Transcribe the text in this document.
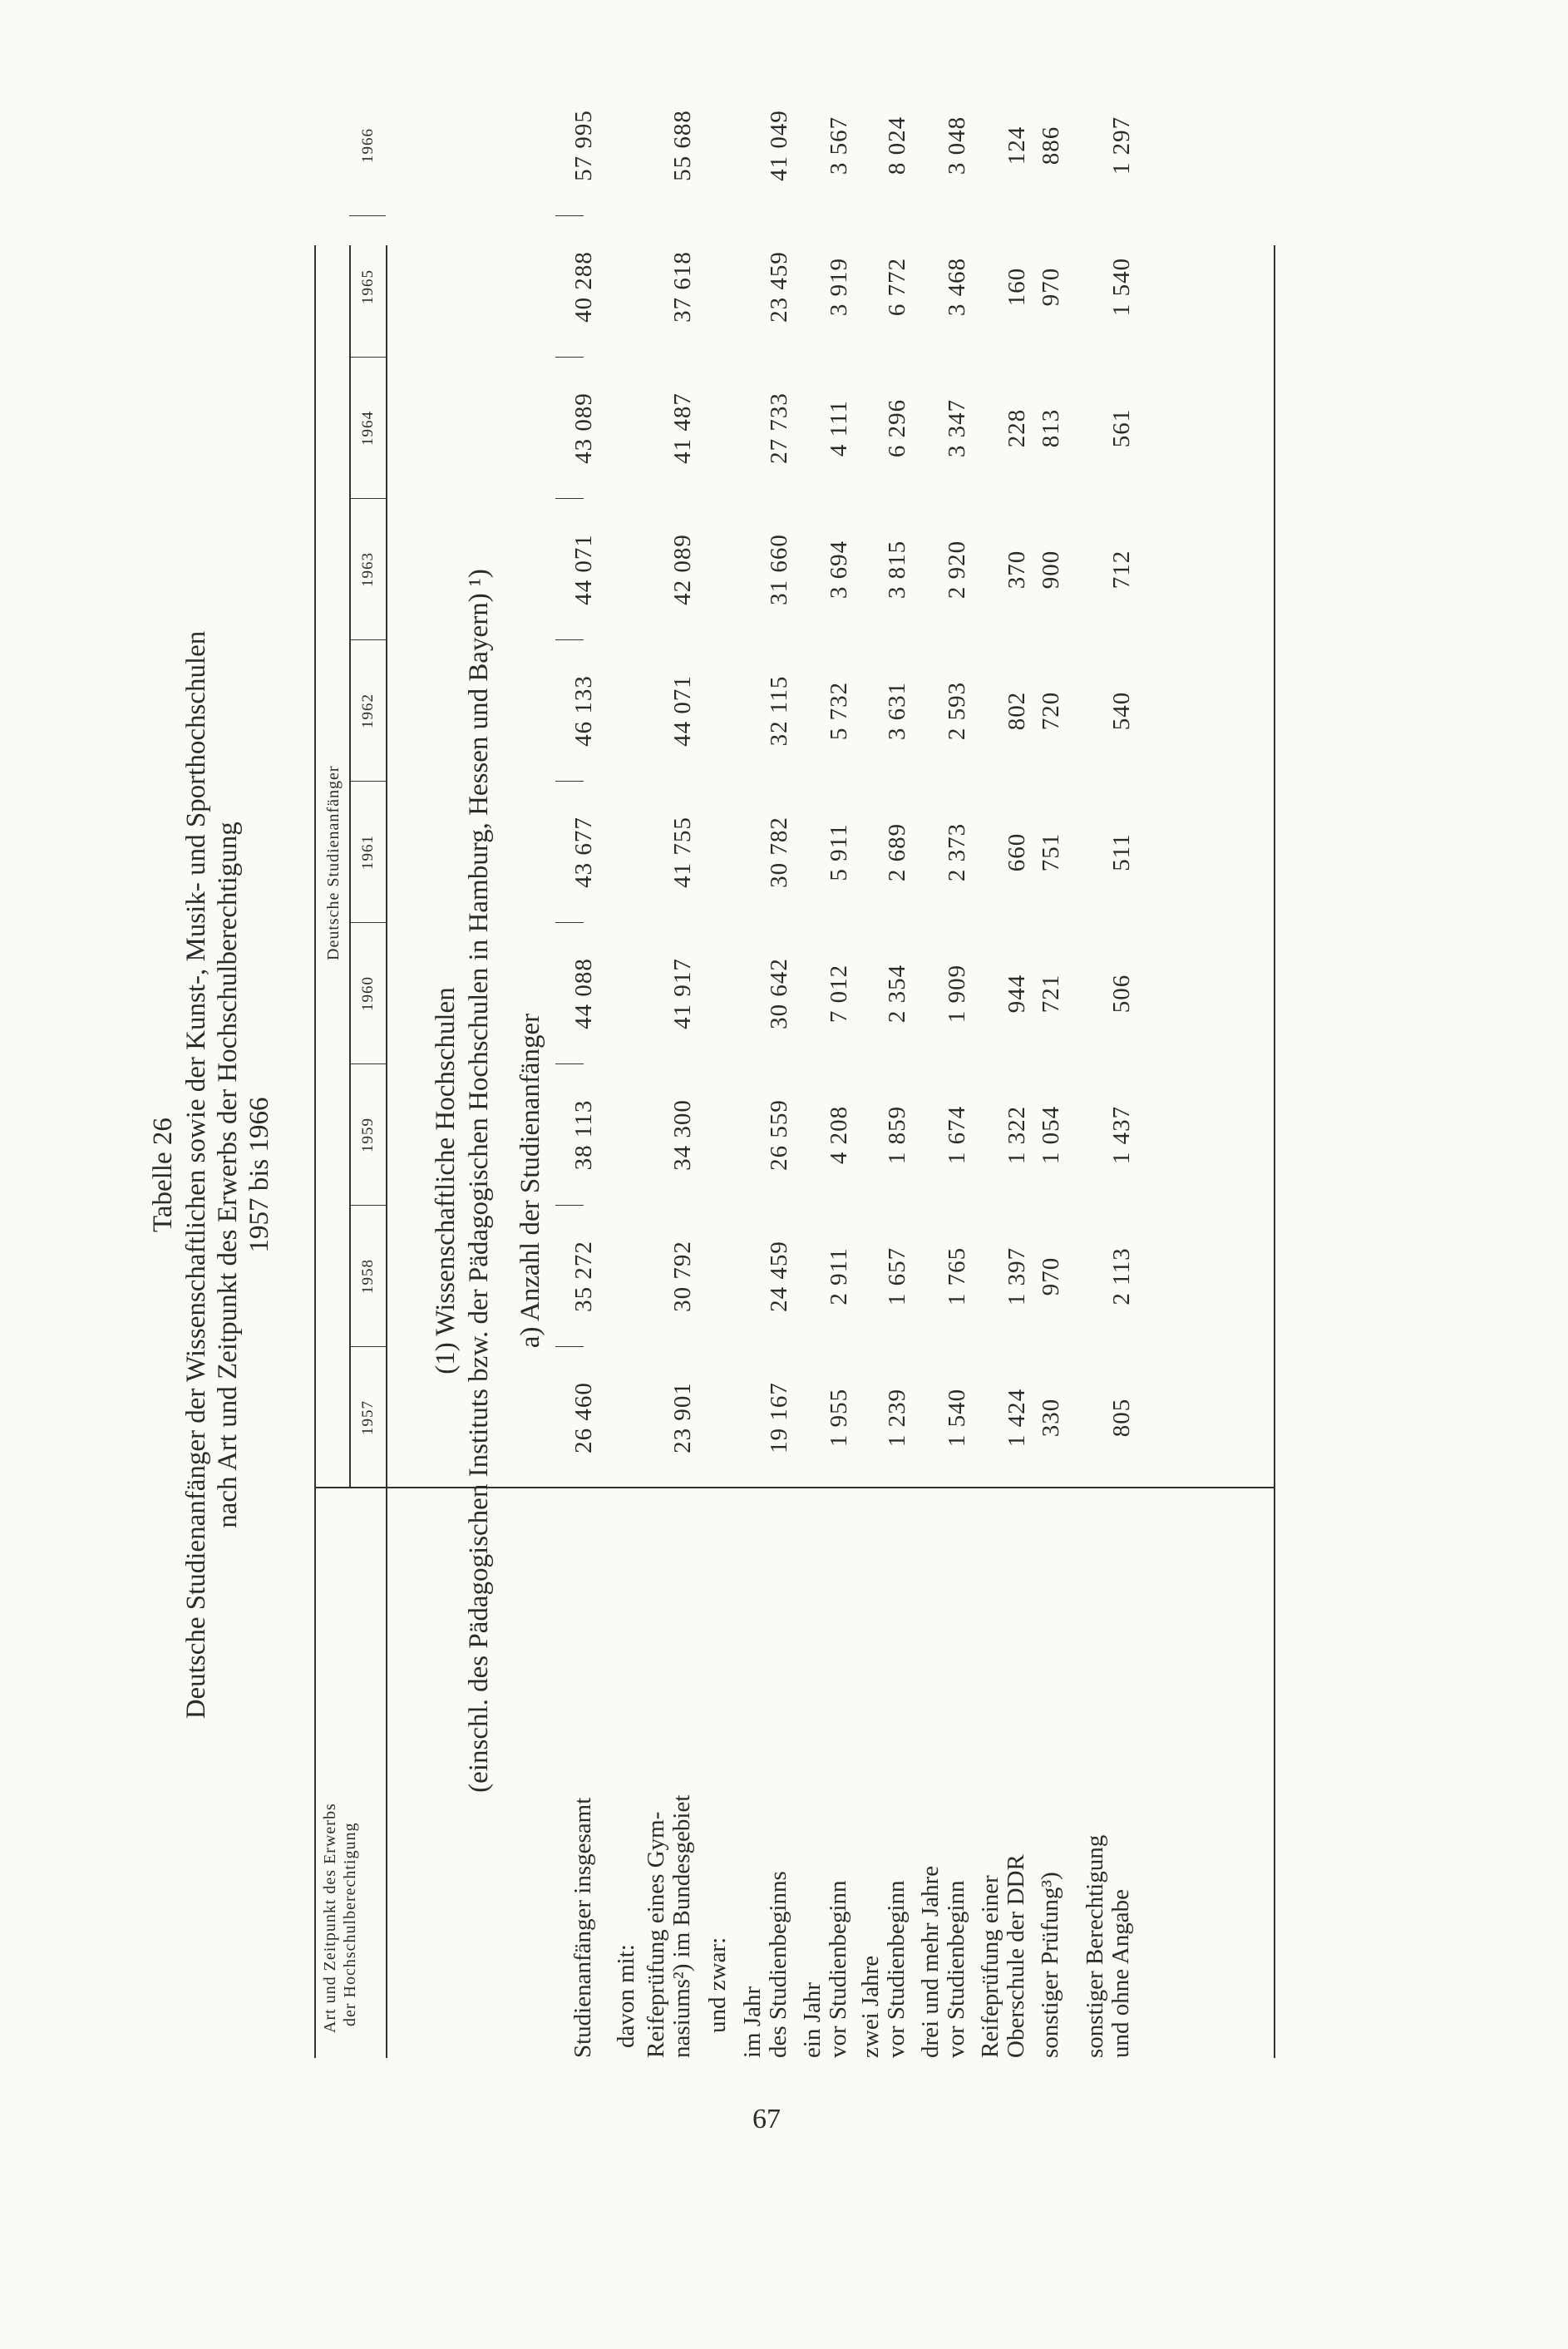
67
Tabelle 26 Deutsche Studienanfänger der Wissenschaftlichen sowie der Kunst-, Musik- und Sporthochschulen nach Art und Zeitpunkt des Erwerbs der Hochschulberechtigung 1957 bis 1966
Art und Zeitpunkt des Erwerbs der Hochschulberechtigung
Deutsche Studienanfänger
1957
1958
1959
1960
1961
1962
1963
1964
1965
1966
(1) Wissenschaftliche Hochschulen (einschl. des Pädagogischen Instituts bzw. der Pädagogischen Hochschulen in Hamburg, Hessen und Bayern) ¹) a) Anzahl der Studienanfänger
Studienanfänger insgesamt
26 460
35 272
38 113
44 088
43 677
46 133
44 071
43 089
40 288
57 995
davon mit: Reifeprüfung eines Gym- nasiums²) im Bundesgebiet
23 901
30 792
34 300
41 917
41 755
44 071
42 089
41 487
37 618
55 688
und zwar: im Jahr des Studienbeginns
19 167
24 459
26 559
30 642
30 782
32 115
31 660
27 733
23 459
41 049
ein Jahr vor Studienbeginn
1 955
2 911
4 208
7 012
5 911
5 732
3 694
4 111
3 919
3 567
zwei Jahre vor Studienbeginn
1 239
1 657
1 859
2 354
2 689
3 631
3 815
6 296
6 772
8 024
drei und mehr Jahre vor Studienbeginn
1 540
1 765
1 674
1 909
2 373
2 593
2 920
3 347
3 468
3 048
Reifeprüfung einer Oberschule der DDR
1 424
1 397
1 322
944
660
802
370
228
160
124
sonstiger Prüfung³)
330
970
1 054
721
751
720
900
813
970
886
sonstiger Berechtigung und ohne Angabe
805
2 113
1 437
506
511
540
712
561
1 540
1 297
